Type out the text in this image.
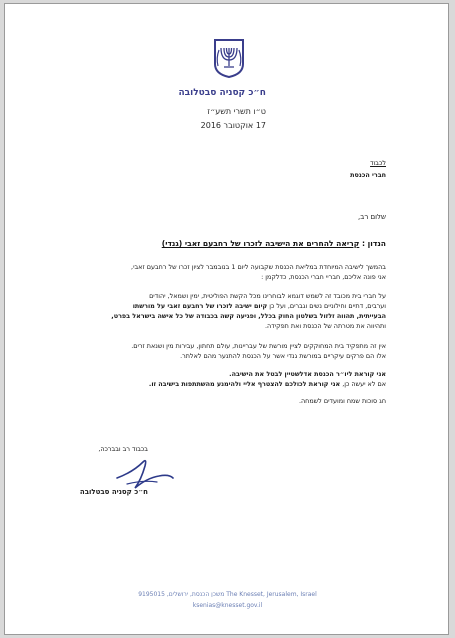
ח״כ קסניה סבטלובה
ט״ו תשרי תשע״ז
17 אוקטובר 2016
לכבוד
חברי הכנסת
שלום רב,
הנדון : קריאה להחרים את הישיבה לזכרו של רחבעם זאבי (גנדי)
בהמשך לישיבה המיוחדת במליאת הכנסת שקבועה ליום 1 בנובמבר לציון זכרו של רחבעם זאבי,
אני פונה אליכם, חבריי חברי הכנסת, כדלקמן :
על חברי בית מכובד זה לשמש דוגמא לבוחרינו מכל הקשת הפוליטית, ימין ושמאל, יהודים
וערבים, דתיים וחילוניים נשים וגברים, ועל כן קיום ישיבה לזכרו של רחבעם זאבי על מורשתו
הבעייתית, תהווה זלזול בשלטון החוק בכלל, ופגיעה קשה בכבודה של כל אישה בישראל בפרט,
ותהיווה את מטרתה של הכנסת ואת תפקידה.
אין זה מתפקיד בית המחוקקים לציין מורשת של עבריינות, עולם תחתון, עבירות מין ושנאת זרים.
אלו הם פרקים עיקריים במורשת גנדי אשר על הכנסת להתנער מהם לאלתר.
אני קוראת ליו״ר הכנסת אדלשטיין לבטל את הישיבה.
אם לא יעשה כן, אני קוראת לכולכם להצטרף אליי ולהימנע מהשתתפות בישיבה זו.
חג סוכות שמח ומועדים לשמחה.
בכבוד רב ובברכה,
ח״כ קסניה סבטלובה
משכן הכנסת, ירושלים, 9195015 The Knesset, Jerusalem, Israel
ksenias@knesset.gov.il
